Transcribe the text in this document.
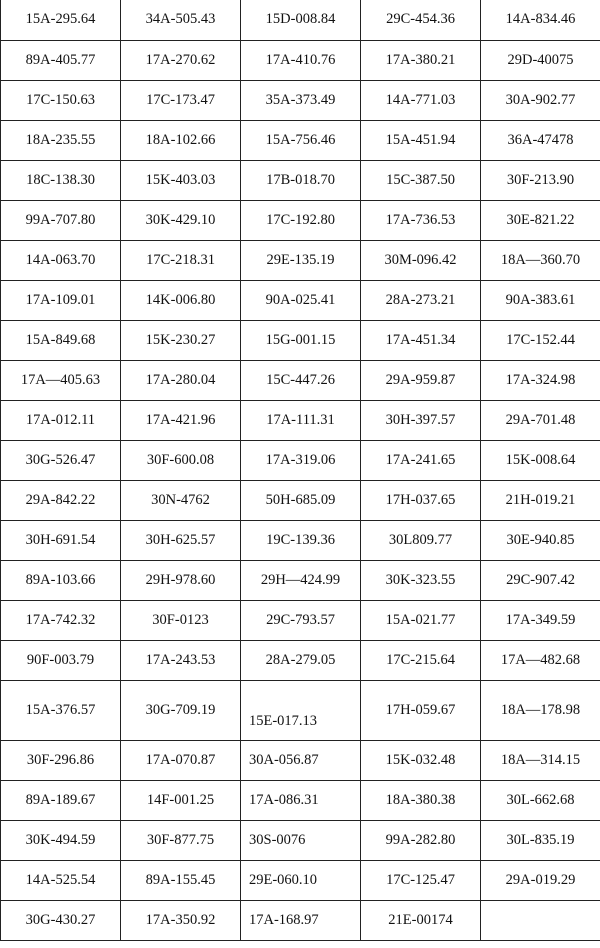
15A-295.64	34A-505.43	15D-008.84	29C-454.36	14A-834.46
89A-405.77	17A-270.62	17A-410.76	17A-380.21	29D-40075
17C-150.63	17C-173.47	35A-373.49	14A-771.03	30A-902.77
18A-235.55	18A-102.66	15A-756.46	15A-451.94	36A-47478
18C-138.30	15K-403.03	17B-018.70	15C-387.50	30F-213.90
99A-707.80	30K-429.10	17C-192.80	17A-736.53	30E-821.22
14A-063.70	17C-218.31	29E-135.19	30M-096.42	18A—360.70
17A-109.01	14K-006.80	90A-025.41	28A-273.21	90A-383.61
15A-849.68	15K-230.27	15G-001.15	17A-451.34	17C-152.44
17A—405.63	17A-280.04	15C-447.26	29A-959.87	17A-324.98
17A-012.11	17A-421.96	17A-111.31	30H-397.57	29A-701.48
30G-526.47	30F-600.08	17A-319.06	17A-241.65	15K-008.64
29A-842.22	30N-4762	50H-685.09	17H-037.65	21H-019.21
30H-691.54	30H-625.57	19C-139.36	30L809.77	30E-940.85
89A-103.66	29H-978.60	29H—424.99	30K-323.55	29C-907.42
17A-742.32	30F-0123	29C-793.57	15A-021.77	17A-349.59
90F-003.79	17A-243.53	28A-279.05	17C-215.64	17A—482.68
15A-376.57	30G-709.19	15E-017.13	17H-059.67	18A—178.98
30F-296.86	17A-070.87	30A-056.87	15K-032.48	18A—314.15
89A-189.67	14F-001.25	17A-086.31	18A-380.38	30L-662.68
30K-494.59	30F-877.75	30S-0076	99A-282.80	30L-835.19
14A-525.54	89A-155.45	29E-060.10	17C-125.47	29A-019.29
30G-430.27	17A-350.92	17A-168.97	21E-00174	
